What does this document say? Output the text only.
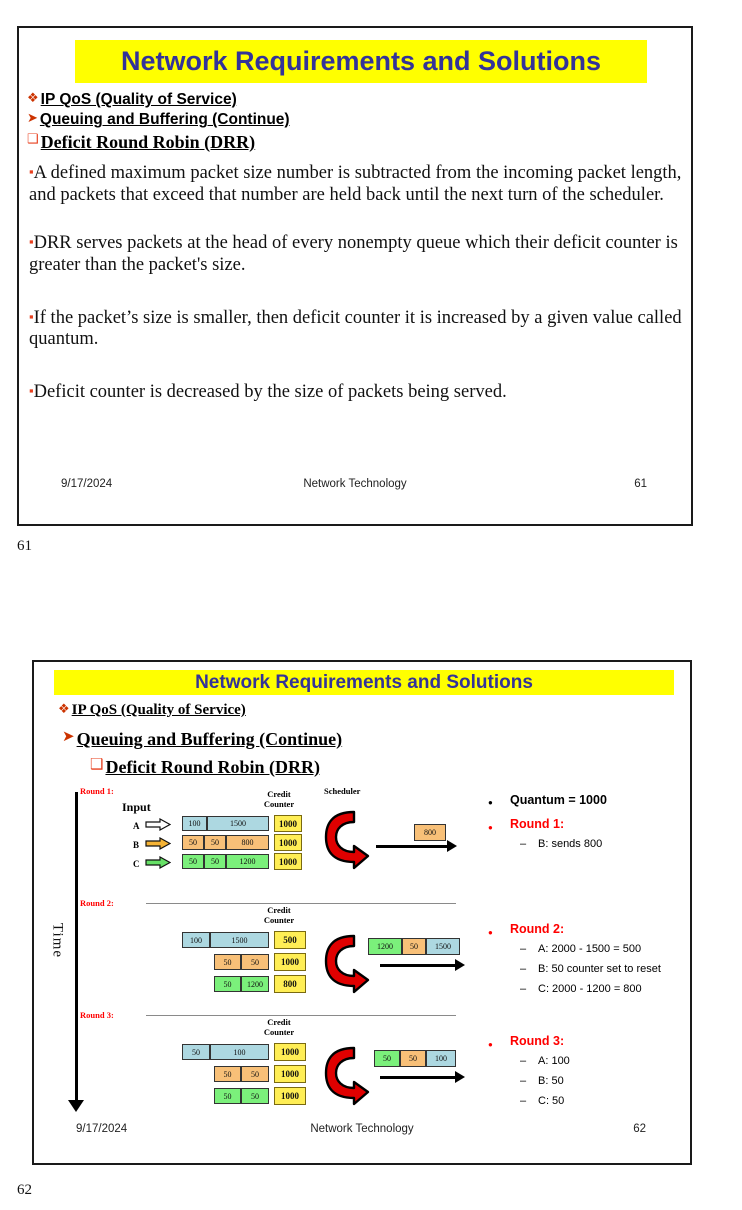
Network Requirements and Solutions
❖ IP QoS (Quality of Service)
➤ Queuing and Buffering (Continue)
❑ Deficit Round Robin (DRR)
▪A defined maximum packet size number is subtracted from the incoming packet length, and packets that exceed that number are held back until the next turn of the scheduler.
▪DRR serves packets at the head of every nonempty queue which their deficit counter is greater than the packet's size.
▪If the packet’s size is smaller, then deficit counter it is increased by a given value called quantum.
▪Deficit counter is decreased by the size of packets being served.
9/17/2024	Network Technology	61
61
Network Requirements and Solutions
❖ IP QoS (Quality of Service)
➤ Queuing and Buffering (Continue)
❑ Deficit Round Robin (DRR)
Time
Round 1:
Input
Credit
Counter
Scheduler
A	100	1500	1000
B	50	50	800	1000
C	50	50	1200	1000
800
● Quantum = 1000
● Round 1:
– B: sends 800
Round 2:
Credit
Counter
100	1500	500
50	50	1000
50	1200	800
1200	50	1500
● Round 2:
– A: 2000 - 1500 = 500
– B: 50 counter set to reset
– C: 2000 - 1200 = 800
Round 3:
Credit
Counter
50	100	1000
50	50	1000
50	50	1000
50	50	100
● Round 3:
– A: 100
– B: 50
– C: 50
9/17/2024	Network Technology	62
62
